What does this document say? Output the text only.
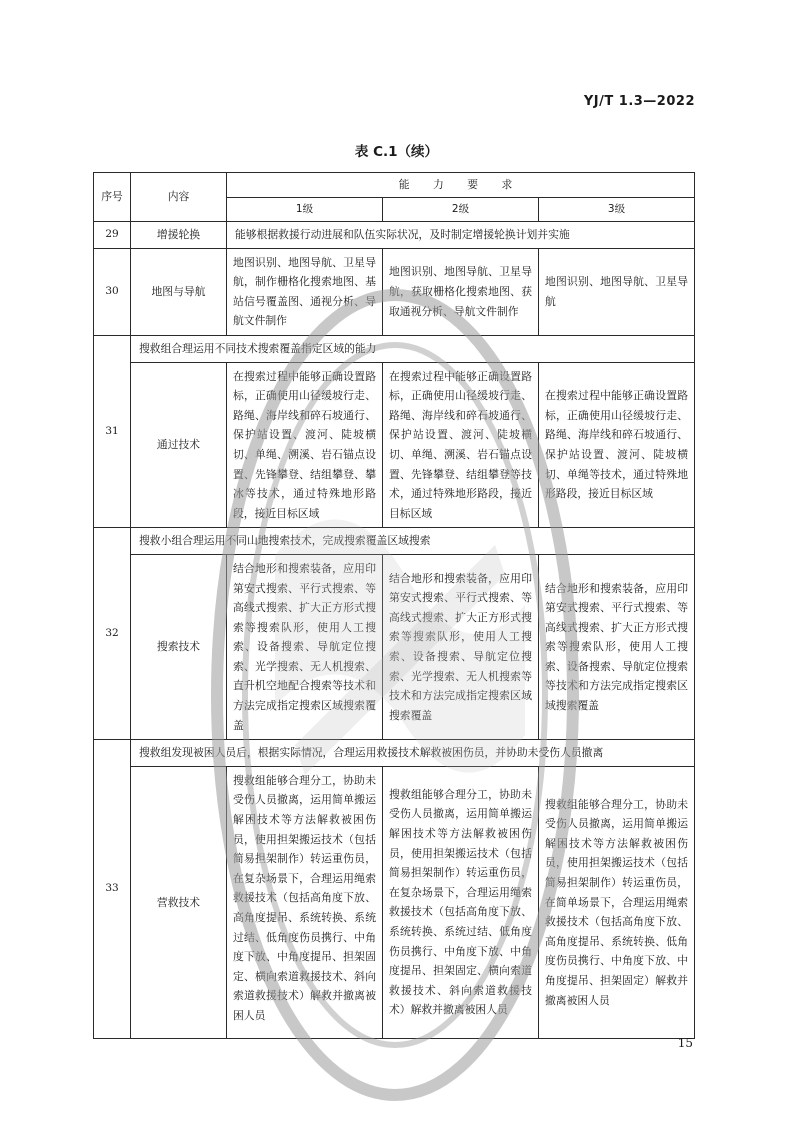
YJ/T 1.3—2022
表 C.1（续）
序号	内容	能 力 要 求		
		1级	2级	3级
29	增援轮换	能够根据救援行动进展和队伍实际状况，及时制定增援轮换计划并实施		
30	地图与导航	地图识别、地图导航、卫星导航，制作栅格化搜索地图、基站信号覆盖图、通视分析、导航文件制作	地图识别、地图导航、卫星导航，获取栅格化搜索地图、获取通视分析、导航文件制作	地图识别、地图导航、卫星导航
31	搜救组合理运用不同技术搜索覆盖指定区域的能力			
	通过技术	在搜索过程中能够正确设置路标，正确使用山径缓坡行走、路绳、海岸线和碎石坡通行、保护站设置、渡河、陡坡横切、单绳、溯溪、岩石锚点设置、先锋攀登、结组攀登、攀冰等技术，通过特殊地形路段，接近目标区域	在搜索过程中能够正确设置路标，正确使用山径缓坡行走、路绳、海岸线和碎石坡通行、保护站设置、渡河、陡坡横切、单绳、溯溪、岩石锚点设置、先锋攀登、结组攀登等技术，通过特殊地形路段，接近目标区域	在搜索过程中能够正确设置路标，正确使用山径缓坡行走、路绳、海岸线和碎石坡通行、保护站设置、渡河、陡坡横切、单绳等技术，通过特殊地形路段，接近目标区域
32	搜救小组合理运用不同山地搜索技术，完成搜索覆盖区域搜索			
	搜索技术	结合地形和搜索装备，应用印第安式搜索、平行式搜索、等高线式搜索、扩大正方形式搜索等搜索队形，使用人工搜索、设备搜索、导航定位搜索、光学搜索、无人机搜索、直升机空地配合搜索等技术和方法完成指定搜索区域搜索覆盖	结合地形和搜索装备，应用印第安式搜索、平行式搜索、等高线式搜索、扩大正方形式搜索等搜索队形，使用人工搜索、设备搜索、导航定位搜索、光学搜索、无人机搜索等技术和方法完成指定搜索区域搜索覆盖	结合地形和搜索装备，应用印第安式搜索、平行式搜索、等高线式搜索、扩大正方形式搜索等搜索队形，使用人工搜索、设备搜索、导航定位搜索等技术和方法完成指定搜索区域搜索覆盖
33	搜救组发现被困人员后，根据实际情况，合理运用救援技术解救被困伤员，并协助未受伤人员撤离			
	营救技术	搜救组能够合理分工，协助未受伤人员撤离，运用简单搬运解困技术等方法解救被困伤员，使用担架搬运技术（包括简易担架制作）转运重伤员，在复杂场景下，合理运用绳索救援技术（包括高角度下放、高角度提吊、系统转换、系统过结、低角度伤员携行、中角度下放、中角度提吊、担架固定、横向索道救援技术、斜向索道救援技术）解救并撤离被困人员	搜救组能够合理分工，协助未受伤人员撤离，运用简单搬运解困技术等方法解救被困伤员，使用担架搬运技术（包括简易担架制作）转运重伤员，在复杂场景下，合理运用绳索救援技术（包括高角度下放、系统转换、系统过结、低角度伤员携行、中角度下放、中角度提吊、担架固定、横向索道救援技术、斜向索道救援技术）解救并撤离被困人员	搜救组能够合理分工，协助未受伤人员撤离，运用简单搬运解困技术等方法解救被困伤员，使用担架搬运技术（包括简易担架制作）转运重伤员，在简单场景下，合理运用绳索救援技术（包括高角度下放、高角度提吊、系统转换、低角度伤员携行、中角度下放、中角度提吊、担架固定）解救并撤离被困人员
15
